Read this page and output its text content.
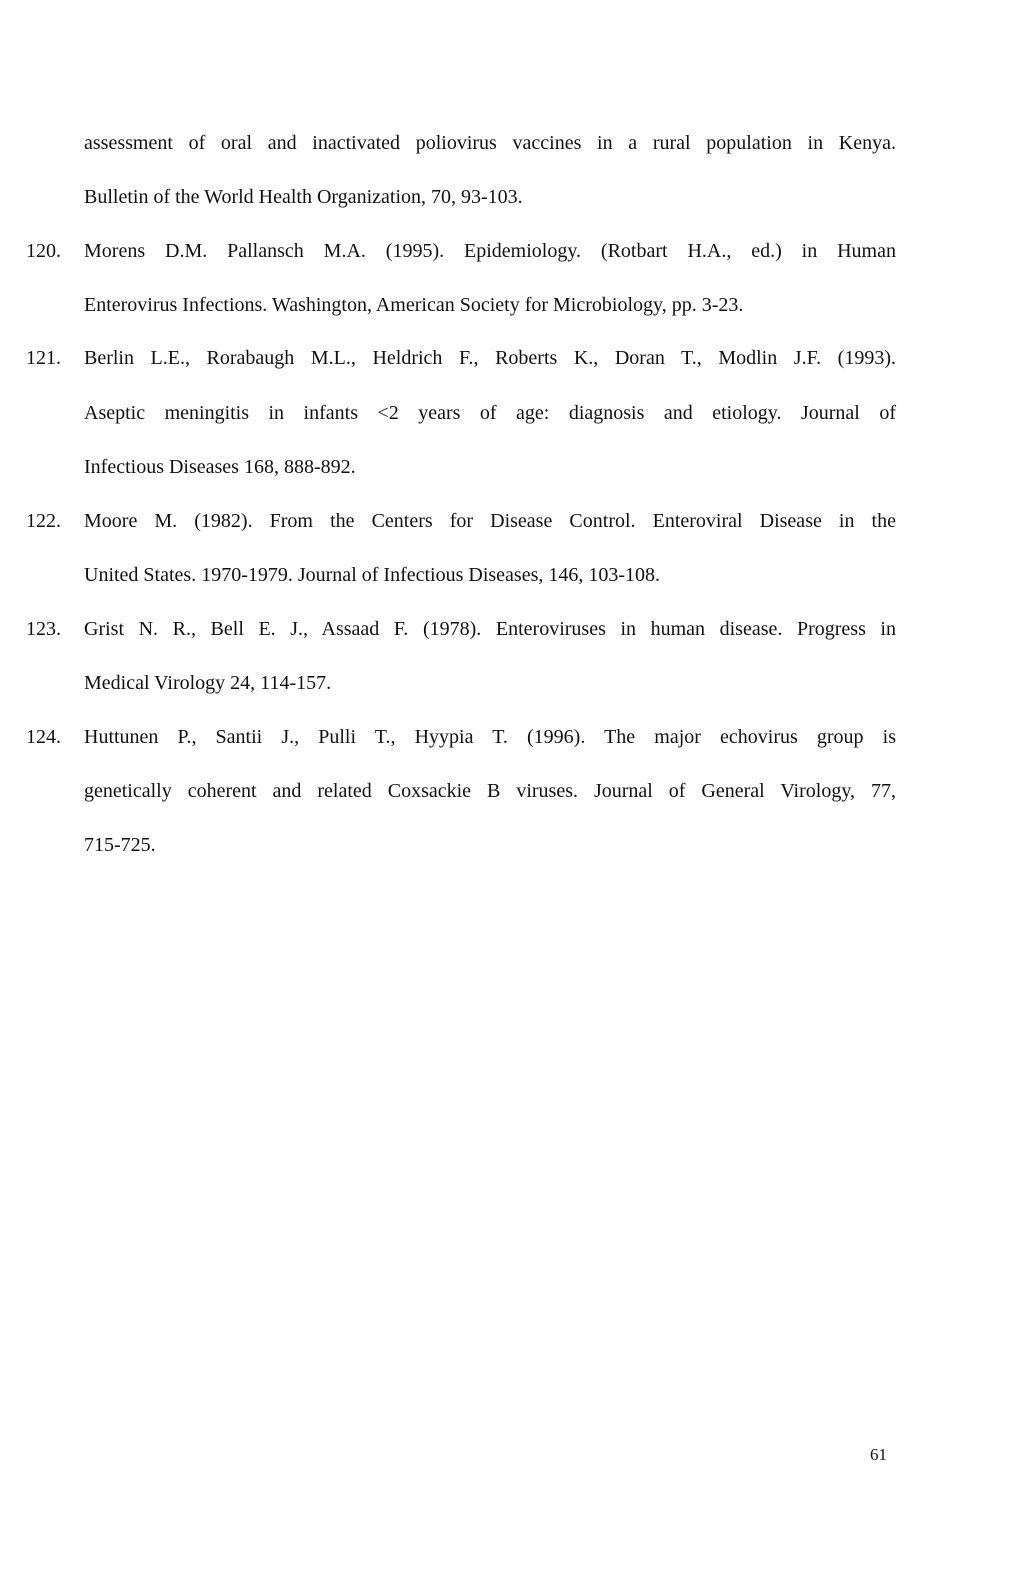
assessment of oral and inactivated poliovirus vaccines in a rural population in Kenya.
Bulletin of the World Health Organization, 70, 93-103.
120. Morens D.M. Pallansch M.A. (1995). Epidemiology. (Rotbart H.A., ed.) in Human
Enterovirus Infections. Washington, American Society for Microbiology, pp. 3-23.
121. Berlin L.E., Rorabaugh M.L., Heldrich F., Roberts K., Doran T., Modlin J.F. (1993).
Aseptic meningitis in infants <2 years of age: diagnosis and etiology. Journal of
Infectious Diseases 168, 888-892.
122. Moore M. (1982). From the Centers for Disease Control. Enteroviral Disease in the
United States. 1970-1979. Journal of Infectious Diseases, 146, 103-108.
123. Grist N. R., Bell E. J., Assaad F. (1978). Enteroviruses in human disease. Progress in
Medical Virology 24, 114-157.
124. Huttunen P., Santii J., Pulli T., Hyypia T. (1996). The major echovirus group is
genetically coherent and related Coxsackie B viruses. Journal of General Virology, 77,
715-725.
61
